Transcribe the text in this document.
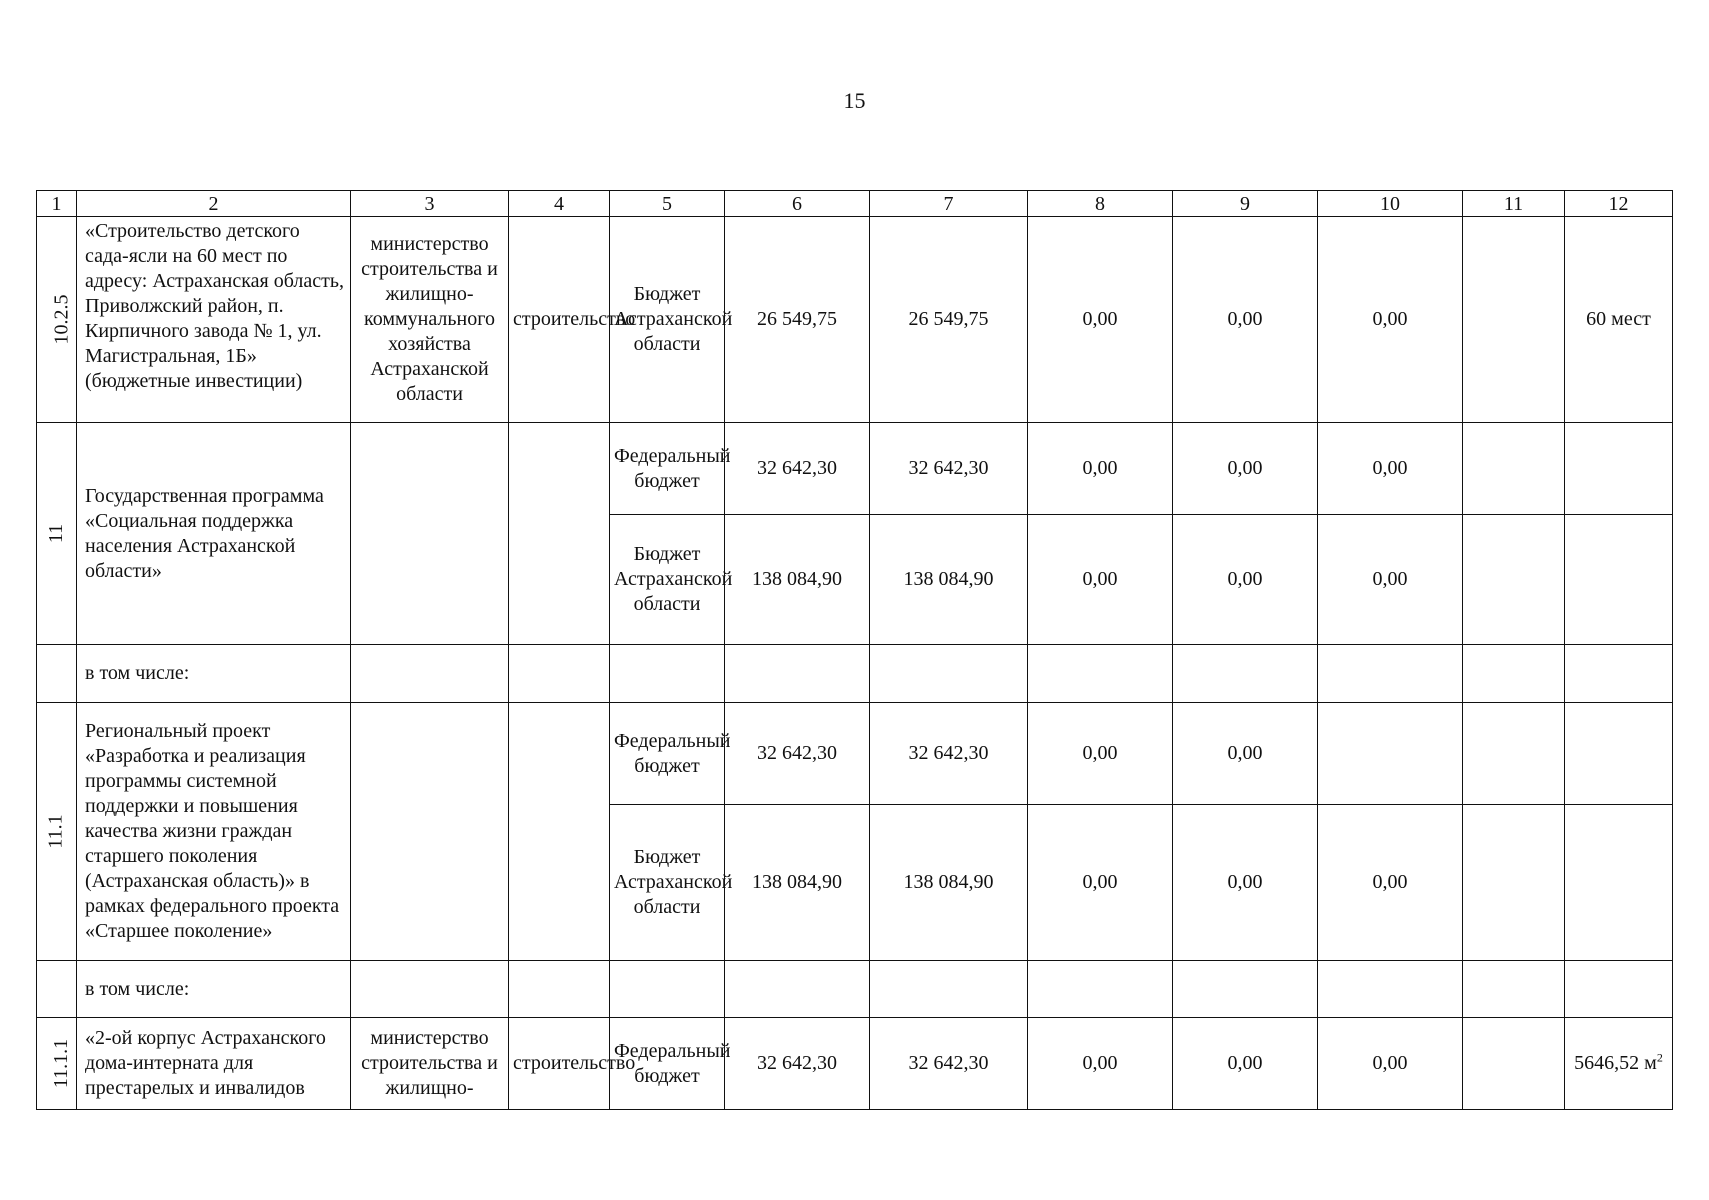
15
1	2	3	4	5	6	7	8	9	10	11	12
10.2.5	«Строительство детского сада-ясли на 60 мест по адресу: Астраханская область, Приволжский район, п. Кирпичного завода № 1, ул. Магистральная, 1Б» (бюджетные инвестиции)	министерство строительства и жилищно-коммунального хозяйства Астраханской области	строительство	Бюджет Астраханской области	26 549,75	26 549,75	0,00	0,00	0,00		60 мест
11	Государственная программа «Социальная поддержка населения Астраханской области»			Федеральный бюджет	32 642,30	32 642,30	0,00	0,00	0,00		
				Бюджет Астраханской области	138 084,90	138 084,90	0,00	0,00	0,00		
	в том числе:										
11.1	Региональный проект «Разработка и реализация программы системной поддержки и повышения качества жизни граждан старшего поколения (Астраханская область)» в рамках федерального проекта «Старшее поколение»			Федеральный бюджет	32 642,30	32 642,30	0,00	0,00			
				Бюджет Астраханской области	138 084,90	138 084,90	0,00	0,00	0,00		
	в том числе:										
11.1.1	«2-ой корпус Астраханского дома-интерната для престарелых и инвалидов	министерство строительства и жилищно-	строительство	Федеральный бюджет	32 642,30	32 642,30	0,00	0,00	0,00		5646,52 $м^2$
